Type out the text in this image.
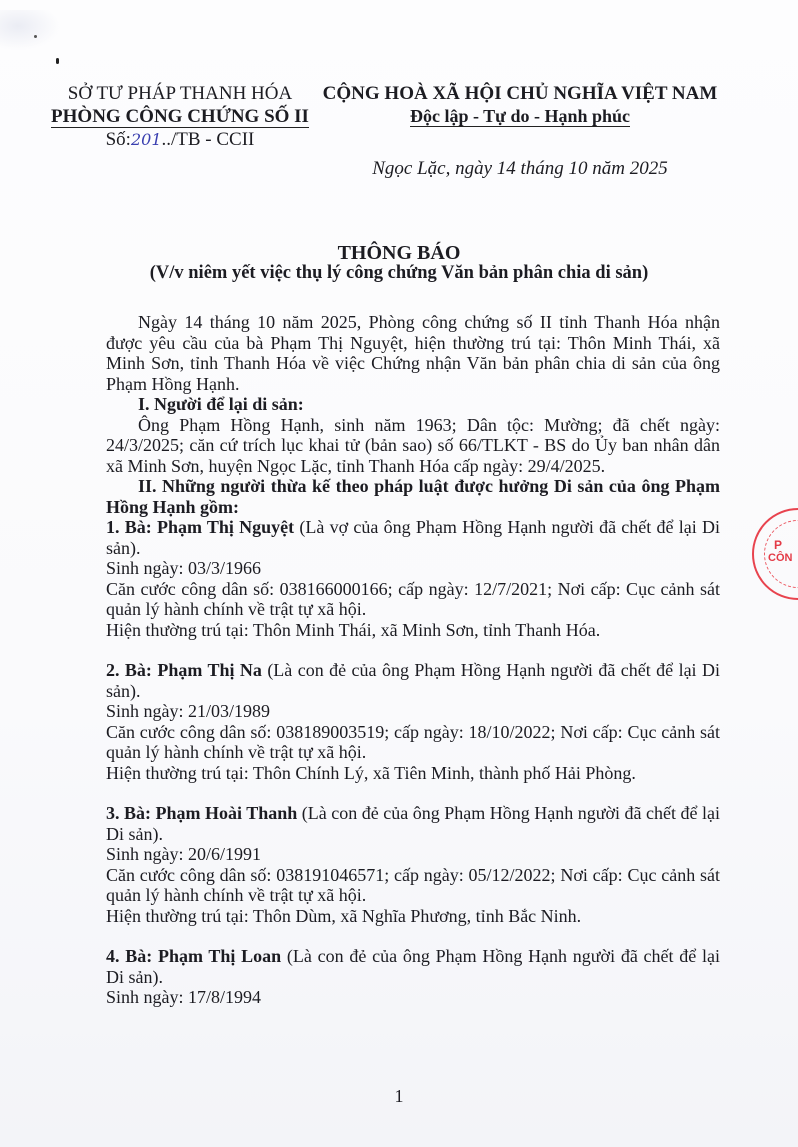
SỞ TƯ PHÁP THANH HÓA
PHÒNG CÔNG CHỨNG SỐ II
Số:201../TB - CCII
CỘNG HOÀ XÃ HỘI CHỦ NGHĨA VIỆT NAM
Độc lập - Tự do - Hạnh phúc
Ngọc Lặc, ngày 14 tháng 10 năm 2025
THÔNG BÁO
(V/v niêm yết việc thụ lý công chứng Văn bản phân chia di sản)

Ngày 14 tháng 10 năm 2025, Phòng công chứng số II tỉnh Thanh Hóa nhận được yêu cầu của bà Phạm Thị Nguyệt, hiện thường trú tại: Thôn Minh Thái, xã Minh Sơn, tỉnh Thanh Hóa về việc Chứng nhận Văn bản phân chia di sản của ông Phạm Hồng Hạnh.

I. Người để lại di sản:

Ông Phạm Hồng Hạnh, sinh năm 1963; Dân tộc: Mường; đã chết ngày: 24/3/2025; căn cứ trích lục khai tử (bản sao) số 66/TLKT - BS do Ủy ban nhân dân xã Minh Sơn, huyện Ngọc Lặc, tỉnh Thanh Hóa cấp ngày: 29/4/2025.

II. Những người thừa kế theo pháp luật được hưởng Di sản của ông Phạm Hồng Hạnh gồm:

1. Bà: Phạm Thị Nguyệt (Là vợ của ông Phạm Hồng Hạnh người đã chết để lại Di sản).

Sinh ngày: 03/3/1966

Căn cước công dân số: 038166000166; cấp ngày: 12/7/2021; Nơi cấp: Cục cảnh sát quản lý hành chính về trật tự xã hội.

Hiện thường trú tại: Thôn Minh Thái, xã Minh Sơn, tỉnh Thanh Hóa.

2. Bà: Phạm Thị Na (Là con đẻ của ông Phạm Hồng Hạnh người đã chết để lại Di sản).

Sinh ngày: 21/03/1989

Căn cước công dân số: 038189003519; cấp ngày: 18/10/2022; Nơi cấp: Cục cảnh sát quản lý hành chính về trật tự xã hội.

Hiện thường trú tại: Thôn Chính Lý, xã Tiên Minh, thành phố Hải Phòng.

3. Bà: Phạm Hoài Thanh (Là con đẻ của ông Phạm Hồng Hạnh người đã chết để lại Di sản).

Sinh ngày: 20/6/1991

Căn cước công dân số: 038191046571; cấp ngày: 05/12/2022; Nơi cấp: Cục cảnh sát quản lý hành chính về trật tự xã hội.

Hiện thường trú tại: Thôn Dùm, xã Nghĩa Phương, tỉnh Bắc Ninh.

4. Bà: Phạm Thị Loan (Là con đẻ của ông Phạm Hồng Hạnh người đã chết để lại Di sản).

Sinh ngày: 17/8/1994

P
CÔN
1
